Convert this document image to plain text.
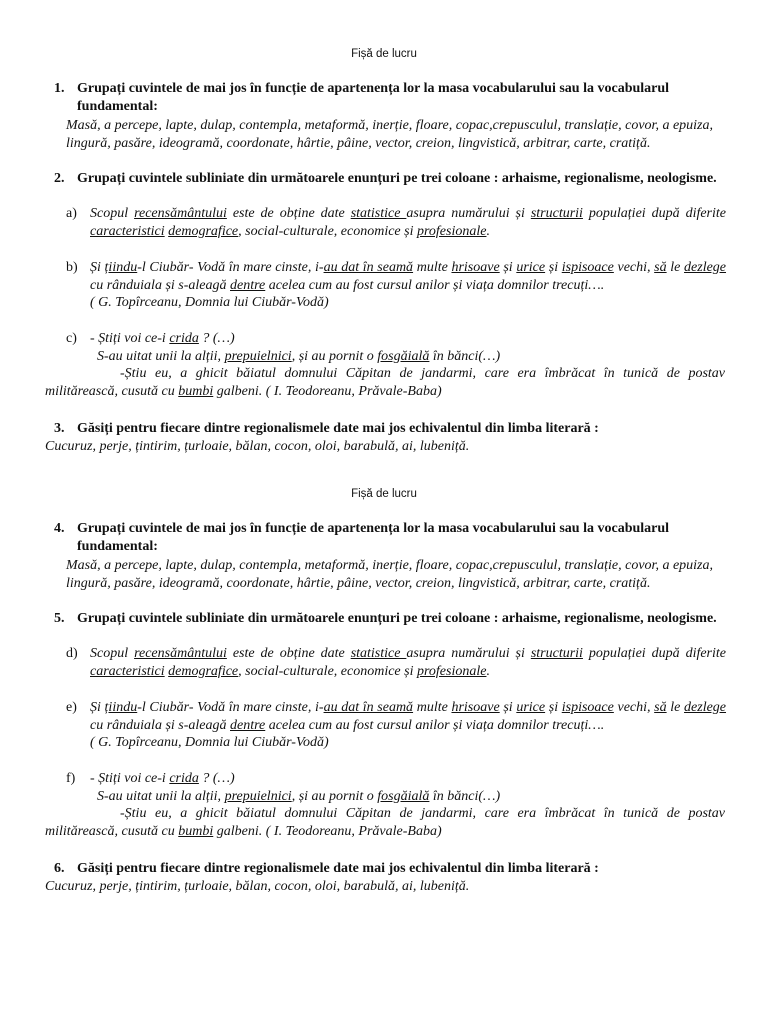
Fișă de lucru
1. Grupați cuvintele de mai jos în funcție de apartenența lor la masa vocabularului sau la vocabularul fundamental:
Masă, a percepe, lapte, dulap, contempla, metaformă, inerție, floare, copac,crepusculul, translație, covor, a epuiza, lingură, pasăre, ideogramă, coordonate, hârtie, pâine, vector, creion, lingvistică, arbitrar, carte, cratiță.
2. Grupați cuvintele subliniate din următoarele enunțuri pe trei coloane : arhaisme, regionalisme, neologisme.
a) Scopul recensământului este de obține date statistice asupra numărului și structurii populației după diferite caracteristici demografice, social-culturale, economice și profesionale.
b) Și țiindu-l Ciubăr- Vodă în mare cinste, i-au dat în seamă multe hrisoave și urice și ispisoace vechi, să le dezlege cu rânduiala și s-aleagă dentre acelea cum au fost cursul anilor și viața domnilor trecuți….
( G. Topîrceanu, Domnia lui Ciubăr-Vodă)
c) - Știți voi ce-i crida ? (…)
S-au uitat unii la alții, prepuielnici, și au pornit o fosgăială în bănci(…)
-Știu eu, a ghicit băiatul domnului Căpitan de jandarmi, care era îmbrăcat în tunică de postav militărească, cusută cu bumbi galbeni. ( I. Teodoreanu, Prăvale-Baba)
3. Găsiți pentru fiecare dintre regionalismele date mai jos echivalentul din limba literară :
Cucuruz, perje, țintirim, țurloaie, bălan, cocon, oloi, barabulă, ai, lubeniță.
Fișă de lucru
4. Grupați cuvintele de mai jos în funcție de apartenența lor la masa vocabularului sau la vocabularul fundamental:
Masă, a percepe, lapte, dulap, contempla, metaformă, inerție, floare, copac,crepusculul, translație, covor, a epuiza, lingură, pasăre, ideogramă, coordonate, hârtie, pâine, vector, creion, lingvistică, arbitrar, carte, cratiță.
5. Grupați cuvintele subliniate din următoarele enunțuri pe trei coloane : arhaisme, regionalisme, neologisme.
d) Scopul recensământului este de obține date statistice asupra numărului și structurii populației după diferite caracteristici demografice, social-culturale, economice și profesionale.
e) Și țiindu-l Ciubăr- Vodă în mare cinste, i-au dat în seamă multe hrisoave și urice și ispisoace vechi, să le dezlege cu rânduiala și s-aleagă dentre acelea cum au fost cursul anilor și viața domnilor trecuți….
( G. Topîrceanu, Domnia lui Ciubăr-Vodă)
f)	- Știți voi ce-i crida ? (…)
S-au uitat unii la alții, prepuielnici, și au pornit o fosgăială în bănci(…)
-Știu eu, a ghicit băiatul domnului Căpitan de jandarmi, care era îmbrăcat în tunică de postav militărească, cusută cu bumbi galbeni. ( I. Teodoreanu, Prăvale-Baba)
6. Găsiți pentru fiecare dintre regionalismele date mai jos echivalentul din limba literară :
Cucuruz, perje, țintirim, țurloaie, bălan, cocon, oloi, barabulă, ai, lubeniță.
